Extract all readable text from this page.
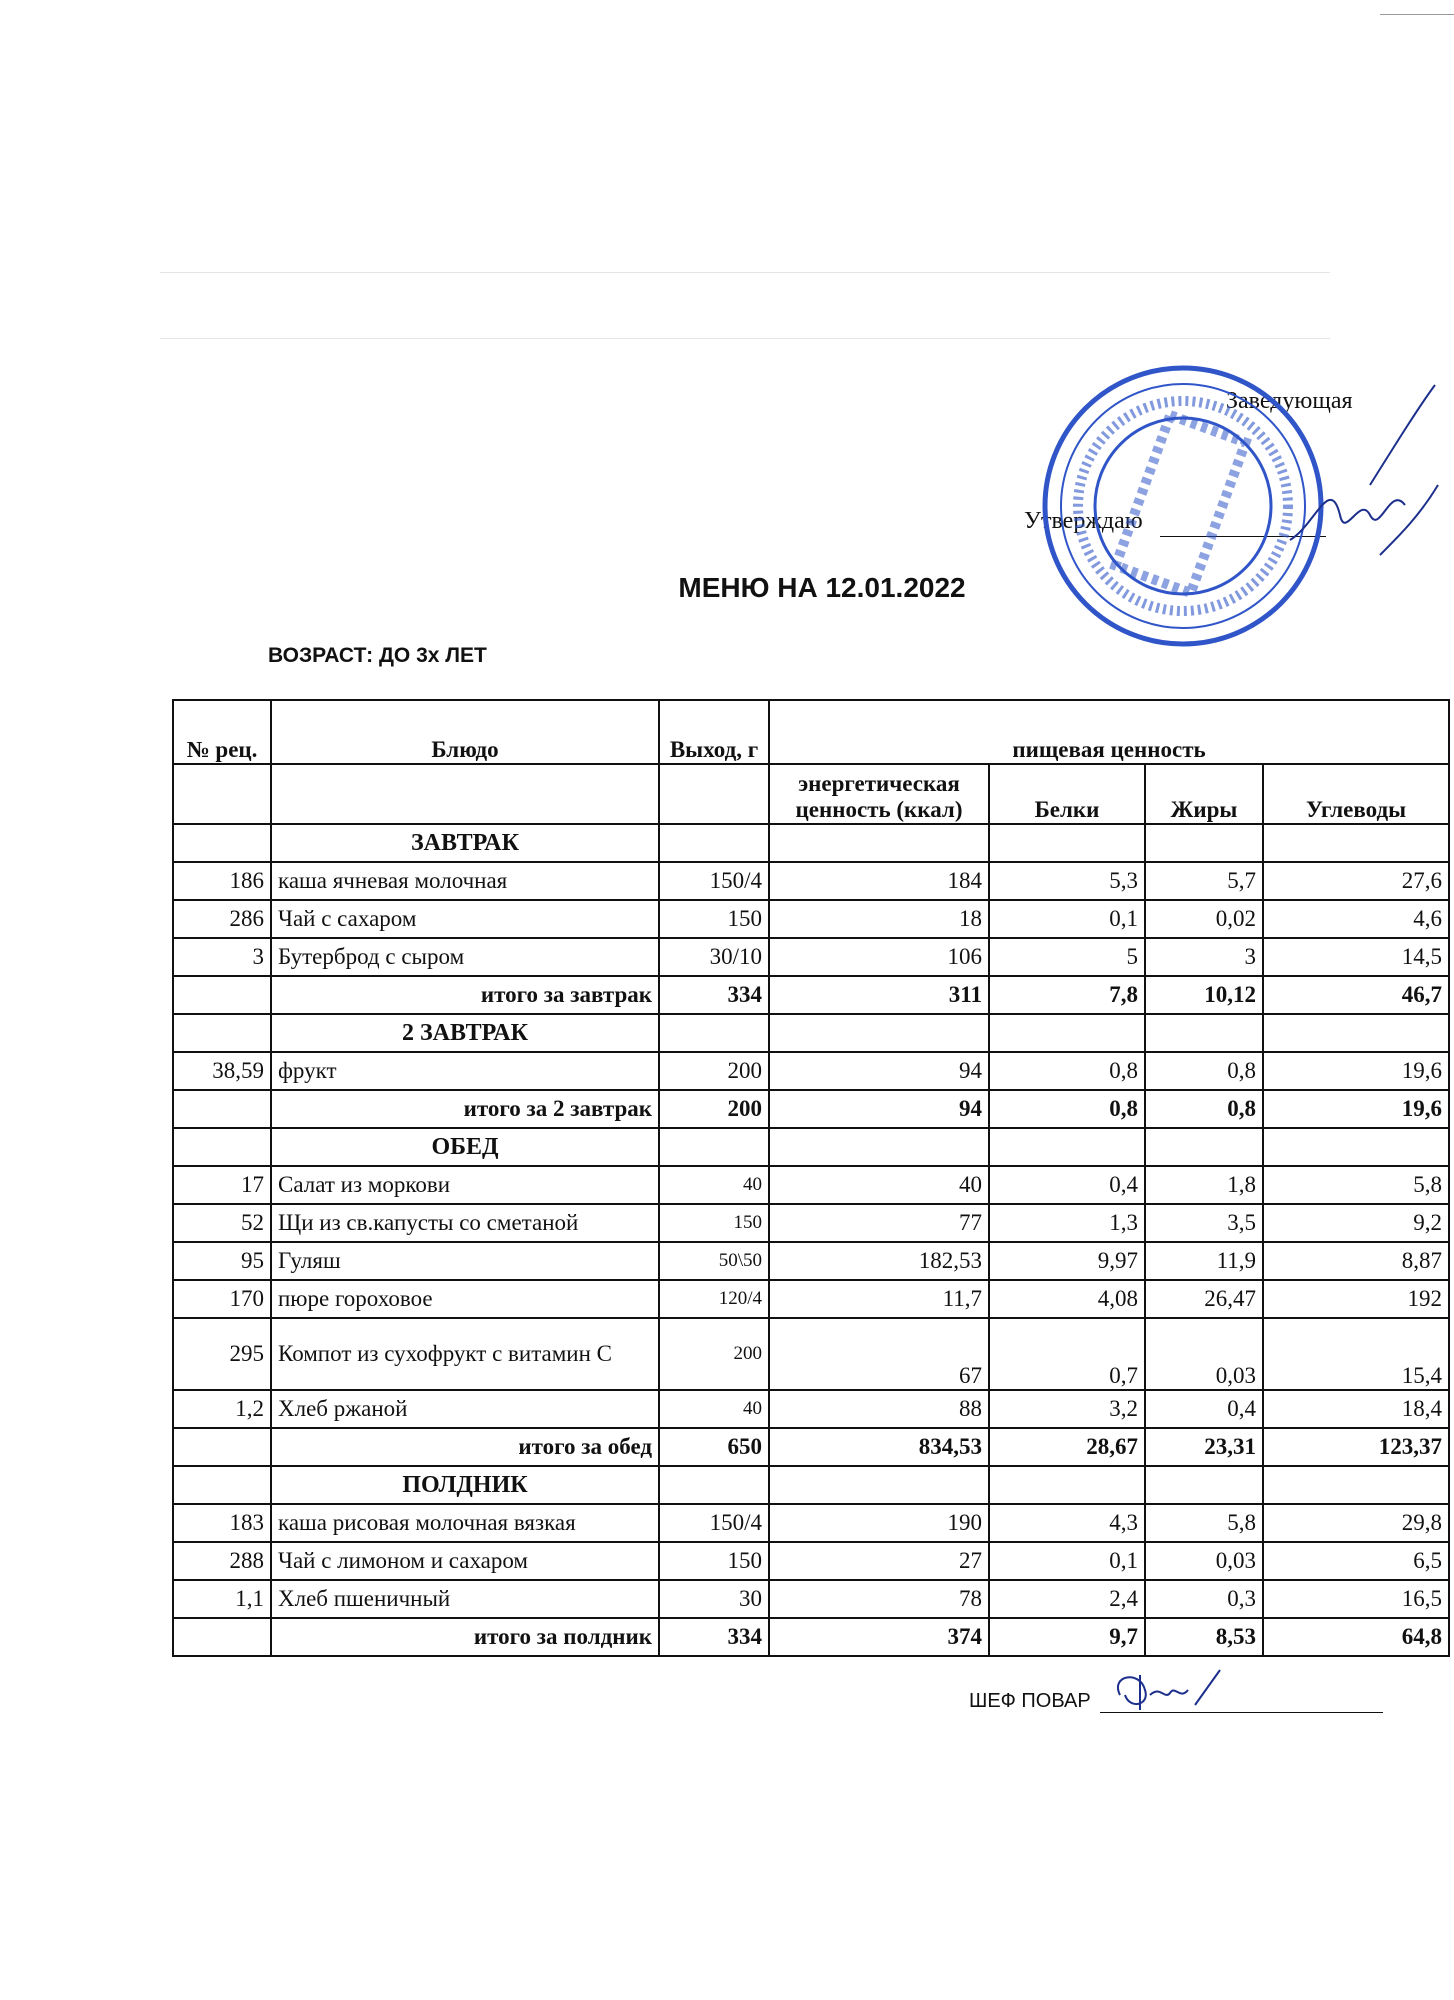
Заведующая
Утверждаю
МЕНЮ НА 12.01.2022
ВОЗРАСТ: ДО 3х ЛЕТ
№ рец.	Блюдо	Выход, г	пищевая ценность			
			энергетическая ценность (ккал)	Белки	Жиры	Углеводы
	ЗАВТРАК					
186	каша ячневая молочная	150/4	184	5,3	5,7	27,6
286	Чай с сахаром	150	18	0,1	0,02	4,6
3	Бутерброд с сыром	30/10	106	5	3	14,5
	итого за завтрак	334	311	7,8	10,12	46,7
	2 ЗАВТРАК					
38,59	фрукт	200	94	0,8	0,8	19,6
	итого за 2 завтрак	200	94	0,8	0,8	19,6
	ОБЕД					
17	Салат из моркови	40	40	0,4	1,8	5,8
52	Щи из св.капусты со сметаной	150	77	1,3	3,5	9,2
95	Гуляш	50\50	182,53	9,97	11,9	8,87
170	пюре гороховое	120/4	11,7	4,08	26,47	192
295	Компот из сухофрукт с витамин С	200	67	0,7	0,03	15,4
1,2	Хлеб ржаной	40	88	3,2	0,4	18,4
	итого за обед	650	834,53	28,67	23,31	123,37
	ПОЛДНИК					
183	каша рисовая молочная вязкая	150/4	190	4,3	5,8	29,8
288	Чай с лимоном и сахаром	150	27	0,1	0,03	6,5
1,1	Хлеб пшеничный	30	78	2,4	0,3	16,5
	итого за полдник	334	374	9,7	8,53	64,8
ШЕФ ПОВАР
